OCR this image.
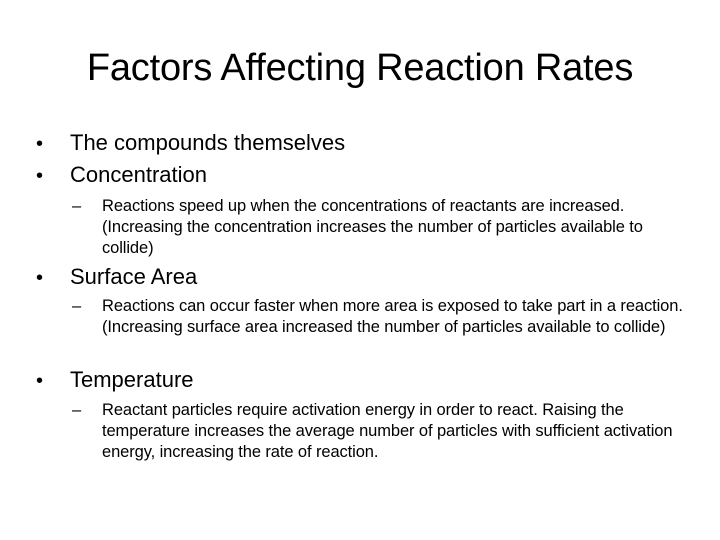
Factors Affecting Reaction Rates
• The compounds themselves
• Concentration
–	Reactions speed up when the concentrations of reactants are increased. (Increasing the concentration increases the number of particles available to collide)
• Surface Area
–	Reactions can occur faster when more area is exposed to take part in a reaction. (Increasing surface area increased the number of particles available to collide)
• Temperature
–	Reactant particles require activation energy in order to react. Raising the temperature increases the average number of particles with sufficient activation energy, increasing the rate of reaction.
